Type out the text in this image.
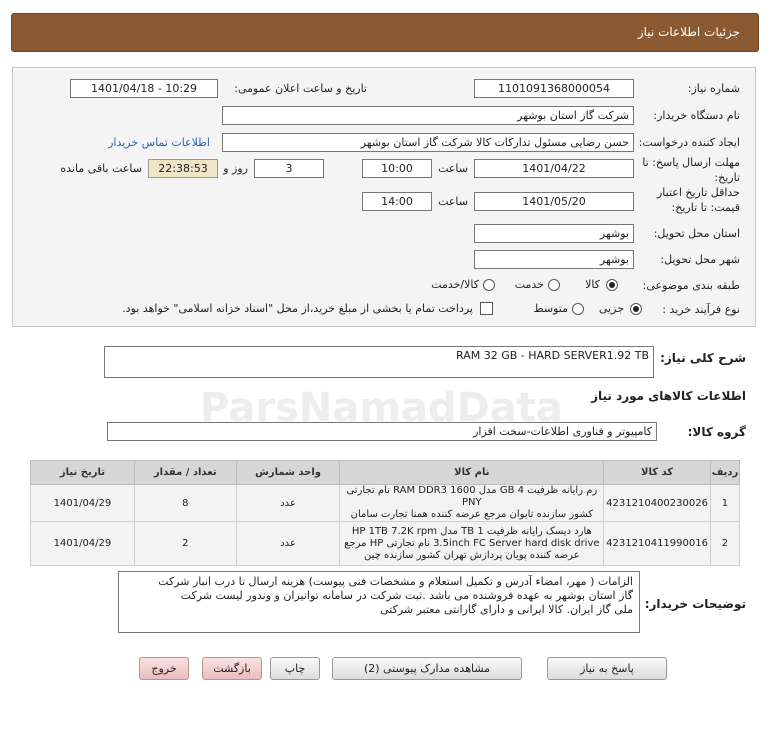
جزئیات اطلاعات نیاز
ParsNamadData
شماره نیاز:
1101091368000054
تاریخ و ساعت اعلان عمومی:
1401/04/18 - 10:29
نام دستگاه خریدار:
شرکت گاز استان بوشهر
ایجاد کننده درخواست:
حسن رضایی مسئول تدارکات کالا شرکت گاز استان بوشهر
اطلاعات تماس خریدار
مهلت ارسال پاسخ: تا تاریخ:
1401/04/22
ساعت
10:00
روز و	3
22:38:53
ساعت باقی مانده
حداقل تاریخ اعتبار قیمت: تا تاریخ:
1401/05/20
ساعت
14:00
استان محل تحویل:
بوشهر
شهر محل تحویل:
بوشهر
طبقه بندی موضوعی:
کالا
خدمت
کالا/خدمت
نوع فرآیند خرید :
جزیی
متوسط
پرداخت تمام یا بخشی از مبلغ خرید،از محل "اسناد خزانه اسلامی" خواهد بود.
شرح کلی نیاز:
RAM 32 GB - HARD SERVER1.92 TB
اطلاعات کالاهای مورد نیاز
گروه کالا:
کامپیوتر و فناوری اطلاعات-سخت افزار
ردیف	کد کالا	نام کالا	واحد شمارش	تعداد / مقدار	تاریخ نیاز
1	4231210400230026	رم رایانه ظرفیت 4 GB مدل RAM DDR3 1600 نام تجارتی PNY
کشور سازنده تایوان مرجع عرضه کننده همنا تجارت سامان	عدد	8	1401/04/29
2	4231210411990016	هارد دیسک رایانه ظرفیت 1 TB مدل HP 1TB 7.2K rpm
3.5inch FC Server hard disk drive نام تجارتی HP مرجع
عرضه کننده پویان پردازش تهران کشور سازنده چین	عدد	2	1401/04/29
توضیحات خریدار:
الزامات ( مهر، امضاء آدرس و تکمیل استعلام و مشخصات فنی پیوست) هزینه ارسال تا درب انبار شرکت
گاز استان بوشهر به عهده فروشنده می باشد .ثبت شرکت در سامانه توانیران و وندور لیست شرکت
ملی گاز ایران. کالا ایرانی و دارای گارانتی معتبر شرکتی
پاسخ به نیاز
مشاهده مدارک پیوستی (2)
چاپ
بازگشت
خروج
